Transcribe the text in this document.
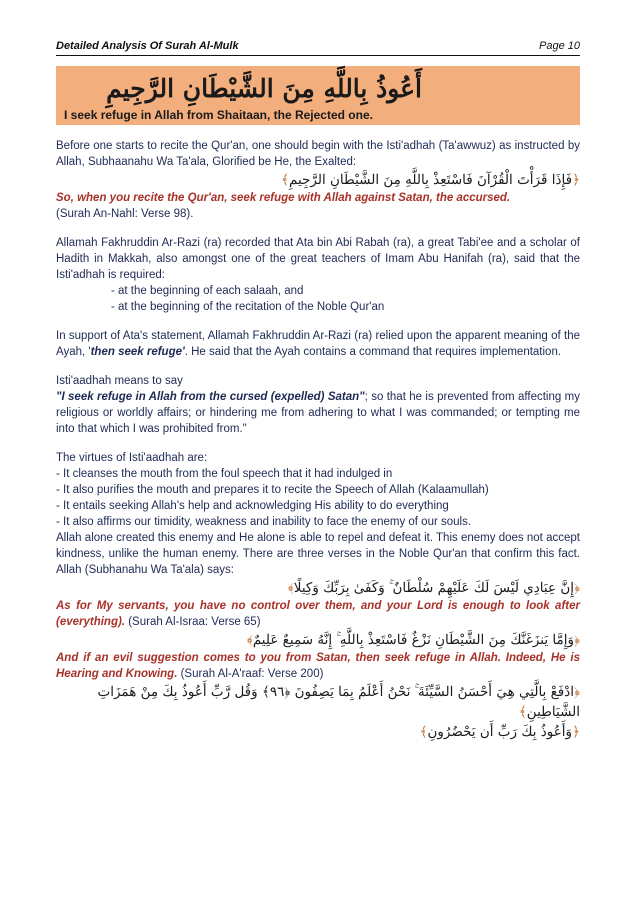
Detailed Analysis Of Surah Al-Mulk	Page 10
أَعُوذُ بِاللَّهِ مِنَ الشَّيْطَانِ الرَّجِيمِ
I seek refuge in Allah from Shaitaan, the Rejected one.

Before one starts to recite the Qur'an, one should begin with the Isti'adhah (Ta'awwuz) as instructed by Allah, Subhaanahu Wa Ta'ala, Glorified be He, the Exalted:

﴿فَإِذَا قَرَأْتَ الْقُرْآنَ فَاسْتَعِذْ بِاللَّهِ مِنَ الشَّيْطَانِ الرَّجِيمِ﴾

So, when you recite the Qur'an, seek refuge with Allah against Satan, the accursed.
(Surah An-Nahl: Verse 98).

Allamah Fakhruddin Ar-Razi (ra) recorded that Ata bin Abi Rabah (ra), a great Tabi'ee and a scholar of Hadith in Makkah, also amongst one of the great teachers of Imam Abu Hanifah (ra), said that the Isti'adhah is required:

- at the beginning of each salaah, and
- at the beginning of the recitation of the Noble Qur'an

In support of Ata's statement, Allamah Fakhruddin Ar-Razi (ra) relied upon the apparent meaning of the Ayah, 'then seek refuge'. He said that the Ayah contains a command that requires implementation.

Isti'aadhah means to say
"I seek refuge in Allah from the cursed (expelled) Satan"; so that he is prevented from affecting my religious or worldly affairs; or hindering me from adhering to what I was commanded; or tempting me into that which I was prohibited from."

The virtues of Isti'aadhah are:

- It cleanses the mouth from the foul speech that it had indulged in
- It also purifies the mouth and prepares it to recite the Speech of Allah (Kalaamullah)
- It entails seeking Allah's help and acknowledging His ability to do everything
- It also affirms our timidity, weakness and inability to face the enemy of our souls.

Allah alone created this enemy and He alone is able to repel and defeat it. This enemy does not accept kindness, unlike the human enemy. There are three verses in the Noble Qur'an that confirm this fact. Allah (Subhanahu Wa Ta'ala) says:

﴿إِنَّ عِبَادِي لَيْسَ لَكَ عَلَيْهِمْ سُلْطَانٌ ۚ وَكَفَىٰ بِرَبِّكَ وَكِيلًا﴾

As for My servants, you have no control over them, and your Lord is enough to look after (everything). (Surah Al-Israa: Verse 65)

﴿وَإِمَّا يَنزَغَنَّكَ مِنَ الشَّيْطَانِ نَزْغٌ فَاسْتَعِذْ بِاللَّهِ ۚ إِنَّهُ سَمِيعٌ عَلِيمٌ﴾

And if an evil suggestion comes to you from Satan, then seek refuge in Allah. Indeed, He is Hearing and Knowing. (Surah Al-A'raaf: Verse 200)

﴿ادْفَعْ بِالَّتِي هِيَ أَحْسَنُ السَّيِّئَةَ ۚ نَحْنُ أَعْلَمُ بِمَا يَصِفُونَ ﴿٩٦﴾ وَقُل رَّبِّ أَعُوذُ بِكَ مِنْ هَمَزَاتِ الشَّيَاطِينِ﴾
﴿وَأَعُوذُ بِكَ رَبِّ أَن يَحْضُرُونِ﴾
